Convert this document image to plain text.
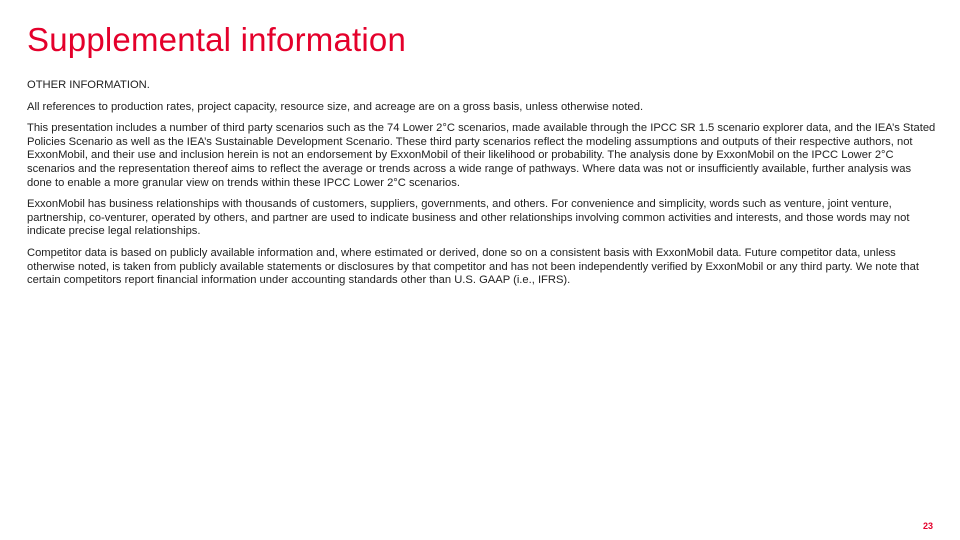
Supplemental information

OTHER INFORMATION.

All references to production rates, project capacity, resource size, and acreage are on a gross basis, unless otherwise noted.

This presentation includes a number of third party scenarios such as the 74 Lower 2°C scenarios, made available through the IPCC SR 1.5 scenario explorer data, and the IEA’s Stated Policies Scenario as well as the IEA’s Sustainable Development Scenario. These third party scenarios reflect the modeling assumptions and outputs of their respective authors, not ExxonMobil, and their use and inclusion herein is not an endorsement by ExxonMobil of their likelihood or probability. The analysis done by ExxonMobil on the IPCC Lower 2°C scenarios and the representation thereof aims to reflect the average or trends across a wide range of pathways. Where data was not or insufficiently available, further analysis was done to enable a more granular view on trends within these IPCC Lower 2°C scenarios.

ExxonMobil has business relationships with thousands of customers, suppliers, governments, and others. For convenience and simplicity, words such as venture, joint venture, partnership, co-venturer, operated by others, and partner are used to indicate business and other relationships involving common activities and interests, and those words may not indicate precise legal relationships.

Competitor data is based on publicly available information and, where estimated or derived, done so on a consistent basis with ExxonMobil data. Future competitor data, unless otherwise noted, is taken from publicly available statements or disclosures by that competitor and has not been independently verified by ExxonMobil or any third party. We note that certain competitors report financial information under accounting standards other than U.S. GAAP (i.e., IFRS).

23
